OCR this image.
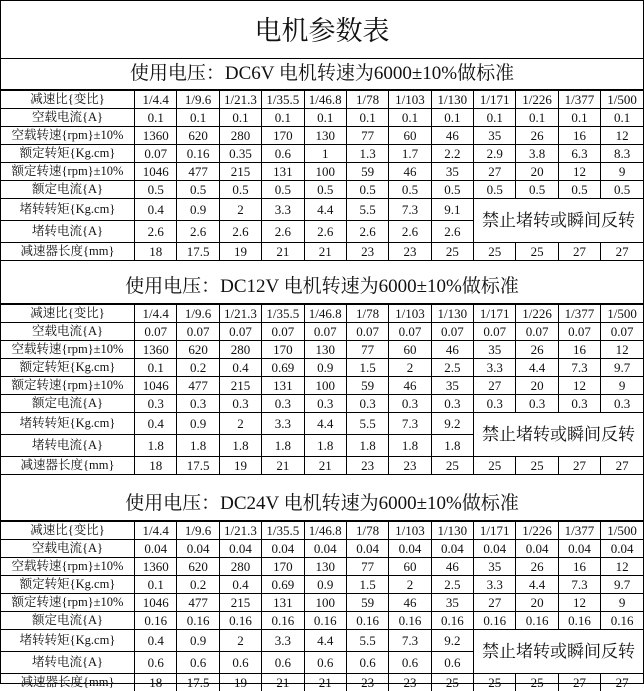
电机参数表
使用电压：DC6V 电机转速为6000±10%做标准
减速比{变比}	1/4.4	1/9.6	1/21.3	1/35.5	1/46.8	1/78	1/103	1/130	1/171	1/226	1/377	1/500
空载电流{A}	0.1	0.1	0.1	0.1	0.1	0.1	0.1	0.1	0.1	0.1	0.1	0.1
空载转速{rpm}±10%	1360	620	280	170	130	77	60	46	35	26	16	12
额定转矩{Kg.cm}	0.07	0.16	0.35	0.6	1	1.3	1.7	2.2	2.9	3.8	6.3	8.3
额定转速{rpm}±10%	1046	477	215	131	100	59	46	35	27	20	12	9
额定电流{A}	0.5	0.5	0.5	0.5	0.5	0.5	0.5	0.5	0.5	0.5	0.5	0.5
堵转转矩{Kg.cm}	0.4	0.9	2	3.3	4.4	5.5	7.3	9.1	禁止堵转或瞬间反转			
堵转电流{A}	2.6	2.6	2.6	2.6	2.6	2.6	2.6	2.6				
减速器长度{mm}	18	17.5	19	21	21	23	23	25	25	25	27	27
使用电压：DC12V 电机转速为6000±10%做标准
减速比{变比}	1/4.4	1/9.6	1/21.3	1/35.5	1/46.8	1/78	1/103	1/130	1/171	1/226	1/377	1/500
空载电流{A}	0.07	0.07	0.07	0.07	0.07	0.07	0.07	0.07	0.07	0.07	0.07	0.07
空载转速{rpm}±10%	1360	620	280	170	130	77	60	46	35	26	16	12
额定转矩{Kg.cm}	0.1	0.2	0.4	0.69	0.9	1.5	2	2.5	3.3	4.4	7.3	9.7
额定转速{rpm}±10%	1046	477	215	131	100	59	46	35	27	20	12	9
额定电流{A}	0.3	0.3	0.3	0.3	0.3	0.3	0.3	0.3	0.3	0.3	0.3	0.3
堵转转矩{Kg.cm}	0.4	0.9	2	3.3	4.4	5.5	7.3	9.2	禁止堵转或瞬间反转			
堵转电流{A}	1.8	1.8	1.8	1.8	1.8	1.8	1.8	1.8				
减速器长度{mm}	18	17.5	19	21	21	23	23	25	25	25	27	27
使用电压：DC24V 电机转速为6000±10%做标准
减速比{变比}	1/4.4	1/9.6	1/21.3	1/35.5	1/46.8	1/78	1/103	1/130	1/171	1/226	1/377	1/500
空载电流{A}	0.04	0.04	0.04	0.04	0.04	0.04	0.04	0.04	0.04	0.04	0.04	0.04
空载转速{rpm}±10%	1360	620	280	170	130	77	60	46	35	26	16	12
额定转矩{Kg.cm}	0.1	0.2	0.4	0.69	0.9	1.5	2	2.5	3.3	4.4	7.3	9.7
额定转速{rpm}±10%	1046	477	215	131	100	59	46	35	27	20	12	9
额定电流{A}	0.16	0.16	0.16	0.16	0.16	0.16	0.16	0.16	0.16	0.16	0.16	0.16
堵转转矩{Kg.cm}	0.4	0.9	2	3.3	4.4	5.5	7.3	9.2	禁止堵转或瞬间反转			
堵转电流{A}	0.6	0.6	0.6	0.6	0.6	0.6	0.6	0.6				
减速器长度{mm}	18	17.5	19	21	21	23	23	25	25	25	27	27
